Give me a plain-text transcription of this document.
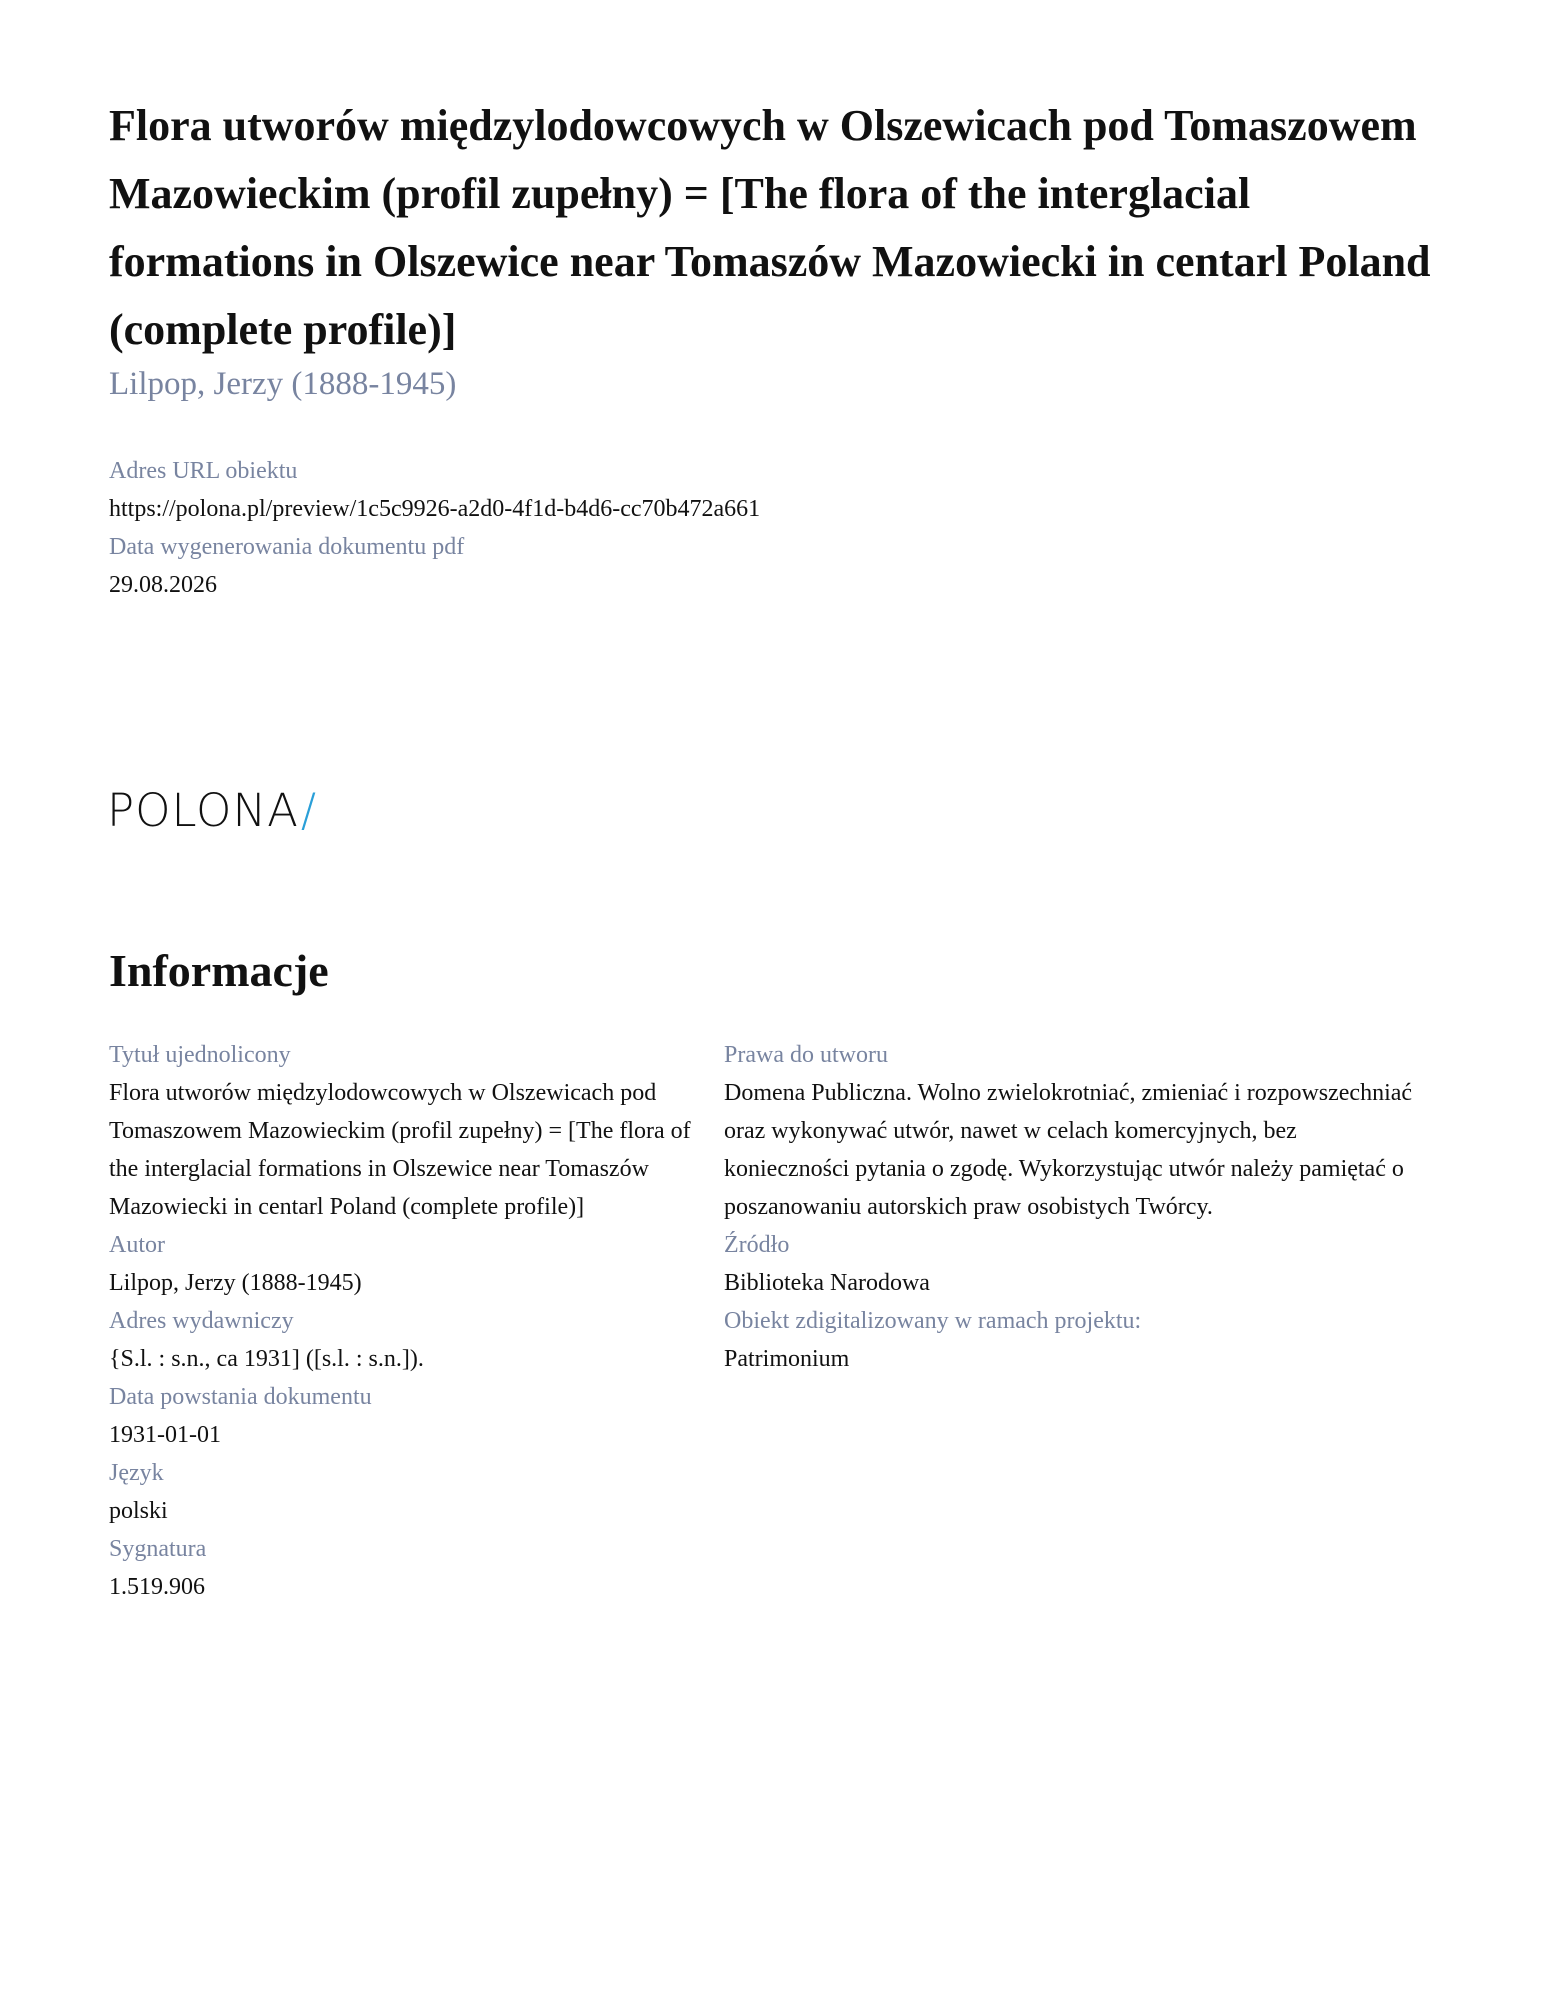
Flora utworów międzylodowcowych w Olszewicach pod Tomaszowem Mazowieckim (profil zupełny) = [The flora of the interglacial formations in Olszewice near Tomaszów Mazowiecki in centarl Poland (complete profile)]
Lilpop, Jerzy (1888-1945)
Adres URL obiektu
https://polona.pl/preview/1c5c9926-a2d0-4f1d-b4d6-cc70b472a661
Data wygenerowania dokumentu pdf
29.08.2026
POLONA /
Informacje
Tytuł ujednolicony
Flora utworów międzylodowcowych w Olszewicach pod Tomaszowem Mazowieckim (profil zupełny) = [The flora of the interglacial formations in Olszewice near Tomaszów Mazowiecki in centarl Poland (complete profile)]
Autor
Lilpop, Jerzy (1888-1945)
Adres wydawniczy
{S.l. : s.n., ca 1931] ([s.l. : s.n.]).
Data powstania dokumentu
1931-01-01
Język
polski
Sygnatura
1.519.906
Prawa do utworu
Domena Publiczna. Wolno zwielokrotniać, zmieniać i rozpowszechniać oraz wykonywać utwór, nawet w celach komercyjnych, bez konieczności pytania o zgodę. Wykorzystując utwór należy pamiętać o poszanowaniu autorskich praw osobistych Twórcy.
Źródło
Biblioteka Narodowa
Obiekt zdigitalizowany w ramach projektu:
Patrimonium
